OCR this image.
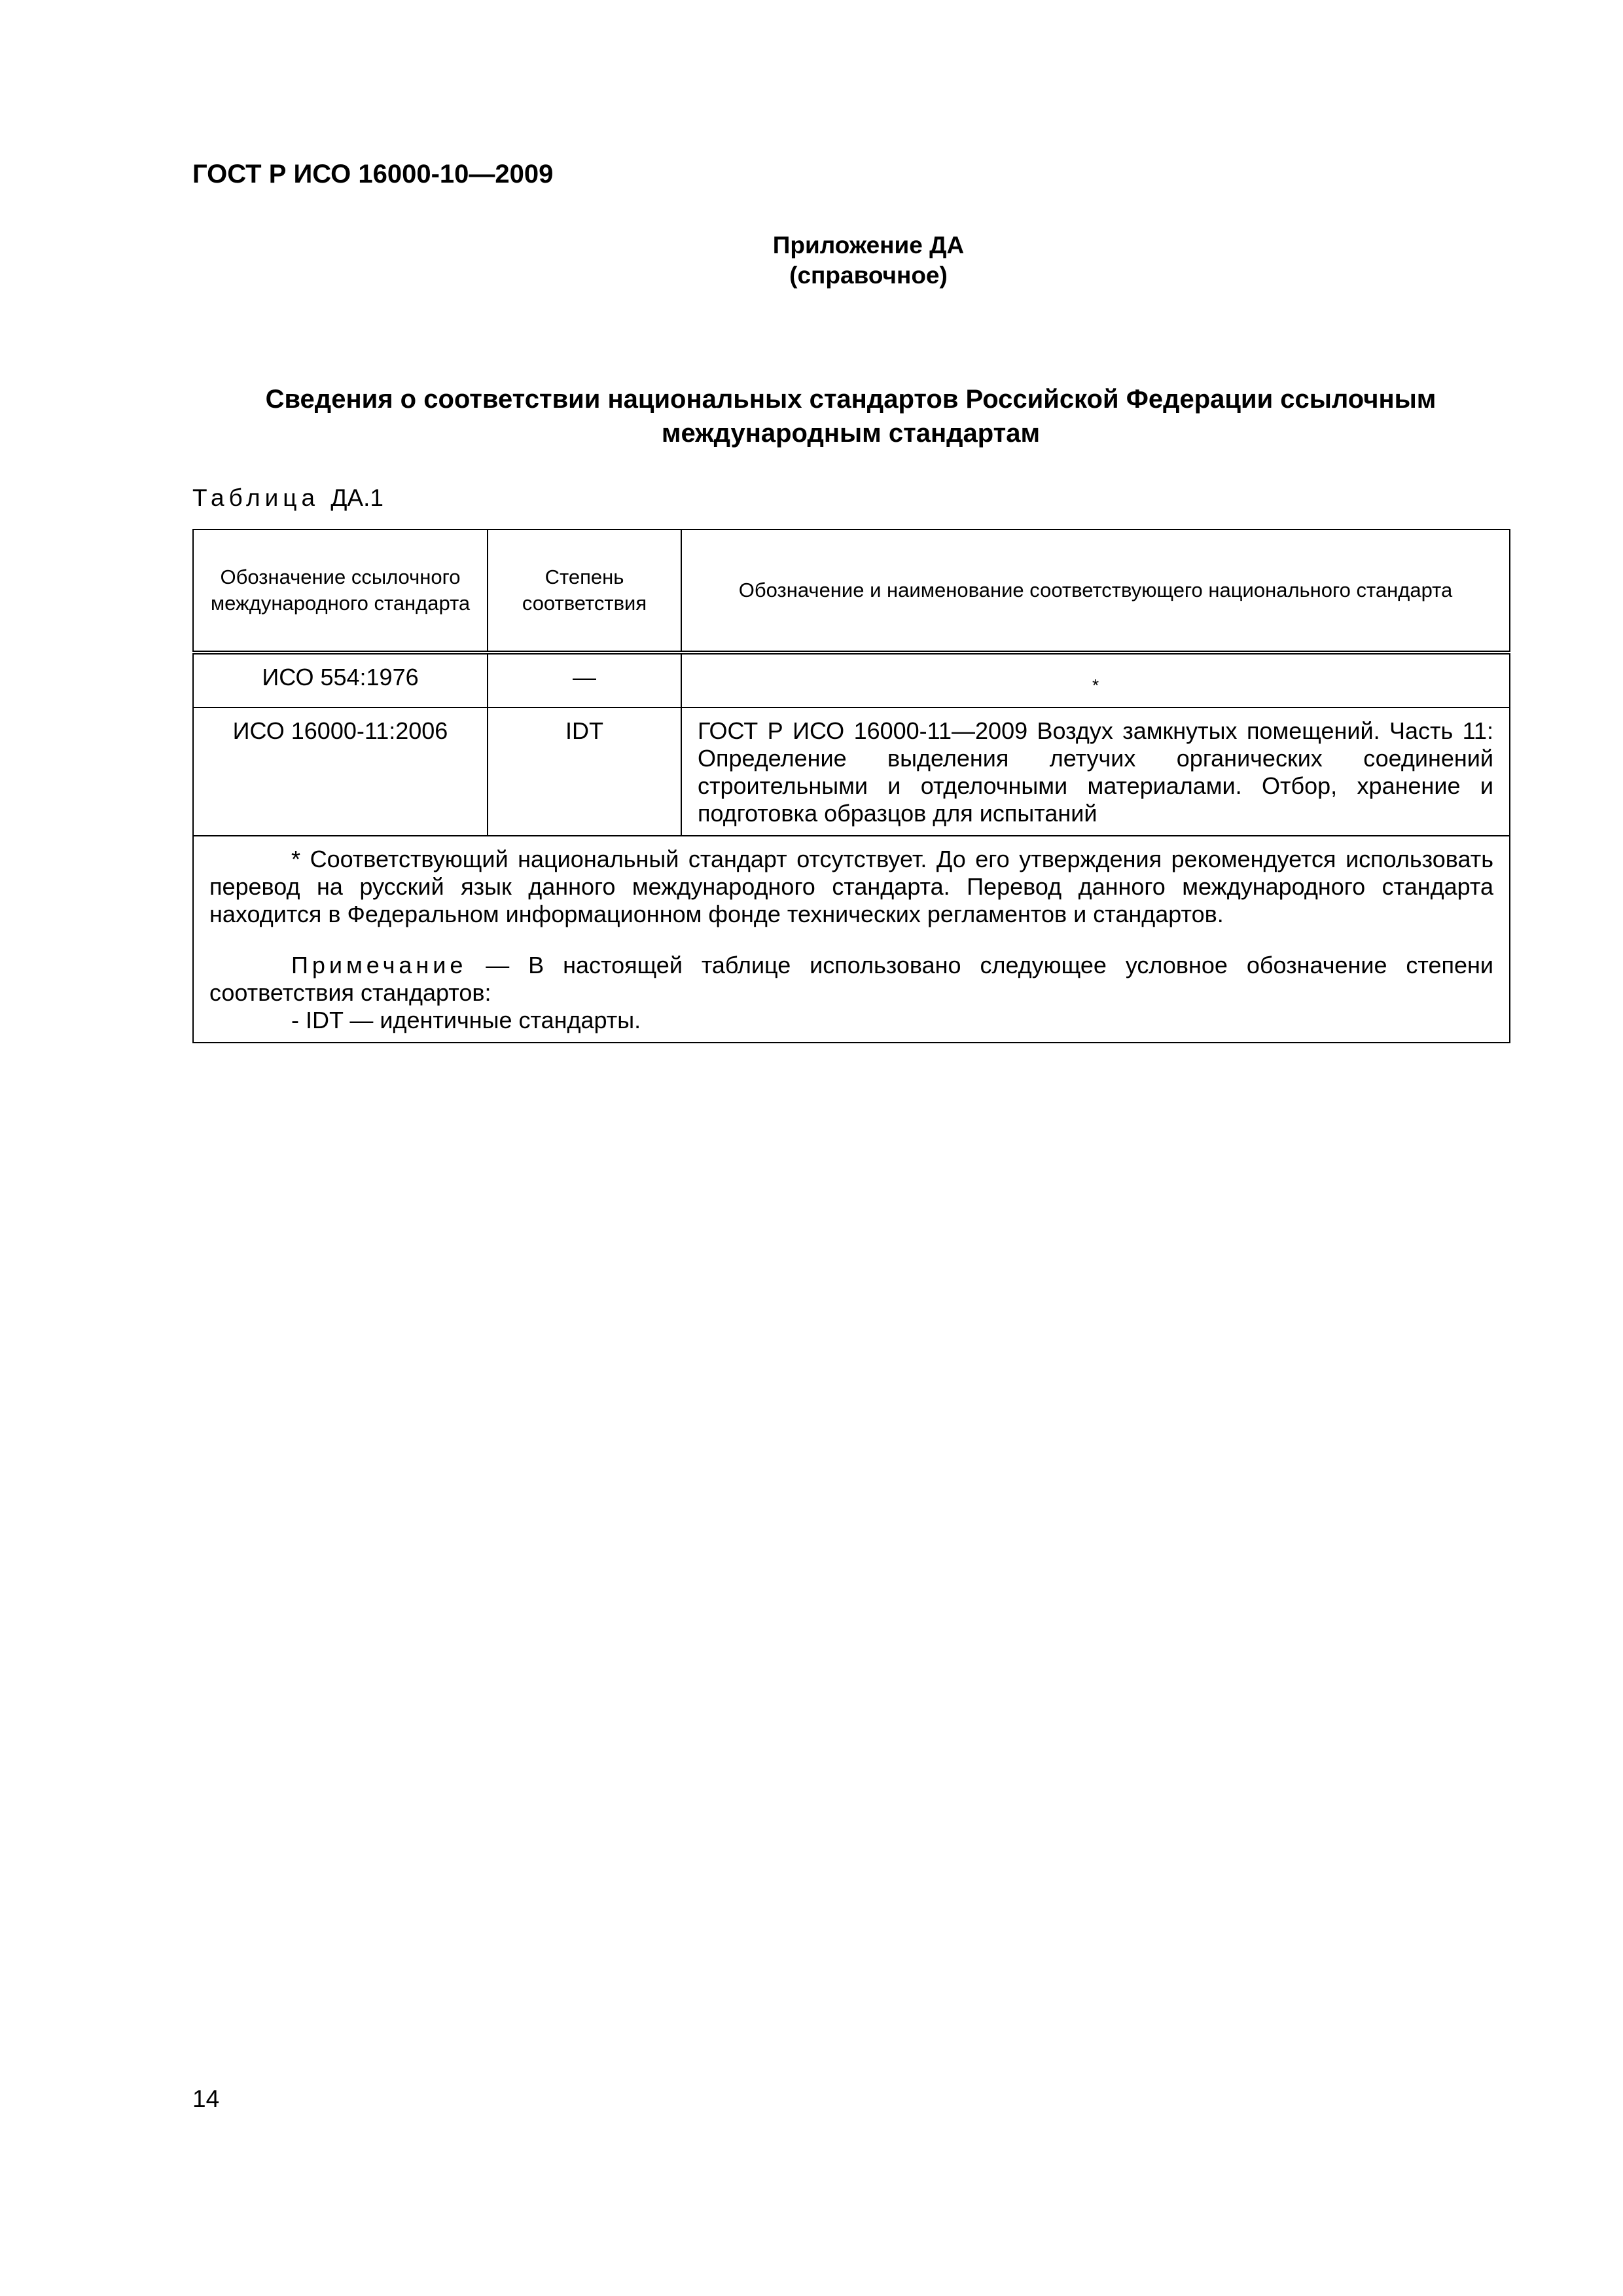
ГОСТ Р ИСО 16000-10—2009
Приложение ДА
(справочное)
Сведения о соответствии национальных стандартов Российской Федерации ссылочным
международным стандартам
Таблица ДА.1
Обозначение ссылочного международного стандарта	Степень соответствия	Обозначение и наименование соответствующего национального стандарта
ИСО 554:1976	—	*
ИСО 16000-11:2006	IDT	ГОСТ Р ИСО 16000-11—2009 Воздух замкнутых помещений. Часть 11: Определение выделения летучих органических соединений строительными и отделочными материалами. Отбор, хранение и подготовка образцов для испытаний

* Соответствующий национальный стандарт отсутствует. До его утверждения рекомендуется использовать перевод на русский язык данного международного стандарта. Перевод данного международного стандарта находится в Федеральном информационном фонде технических регламентов и стандартов.

Примечание — В настоящей таблице использовано следующее условное обозначение степени соответствия стандартов:

- IDT — идентичные стандарты.		

14
